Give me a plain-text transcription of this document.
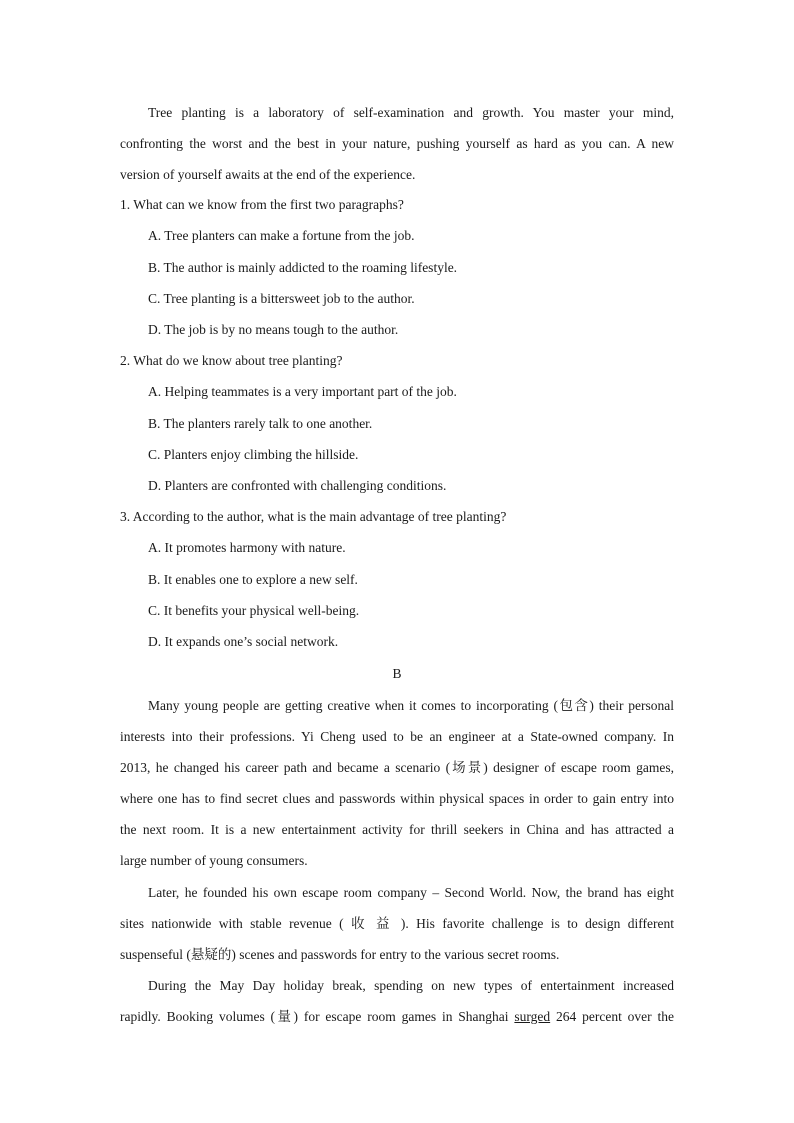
Tree planting is a laboratory of self-examination and growth. You master your mind,
confronting the worst and the best in your nature, pushing yourself as hard as you can. A new
version of yourself awaits at the end of the experience.

1. What can we know from the first two paragraphs?

A. Tree planters can make a fortune from the job.

B. The author is mainly addicted to the roaming lifestyle.

C. Tree planting is a bittersweet job to the author.

D. The job is by no means tough to the author.

2. What do we know about tree planting?

A. Helping teammates is a very important part of the job.

B. The planters rarely talk to one another.

C. Planters enjoy climbing the hillside.

D. Planters are confronted with challenging conditions.

3. According to the author, what is the main advantage of tree planting?

A. It promotes harmony with nature.

B. It enables one to explore a new self.

C. It benefits your physical well-being.

D. It expands one’s social network.

B
Many young people are getting creative when it comes to incorporating (包含) their personal
interests into their professions. Yi Cheng used to be an engineer at a State-owned company. In
2013, he changed his career path and became a scenario (场景) designer of escape room games,
where one has to find secret clues and passwords within physical spaces in order to gain entry into
the next room. It is a new entertainment activity for thrill seekers in China and has attracted a
large number of young consumers.
Later, he founded his own escape room company – Second World. Now, the brand has eight
sites nationwide with stable revenue ( 收 益 ). His favorite challenge is to design different
suspenseful (悬疑的) scenes and passwords for entry to the various secret rooms.
During the May Day holiday break, spending on new types of entertainment increased
rapidly. Booking volumes (量) for escape room games in Shanghai surged 264 percent over the
